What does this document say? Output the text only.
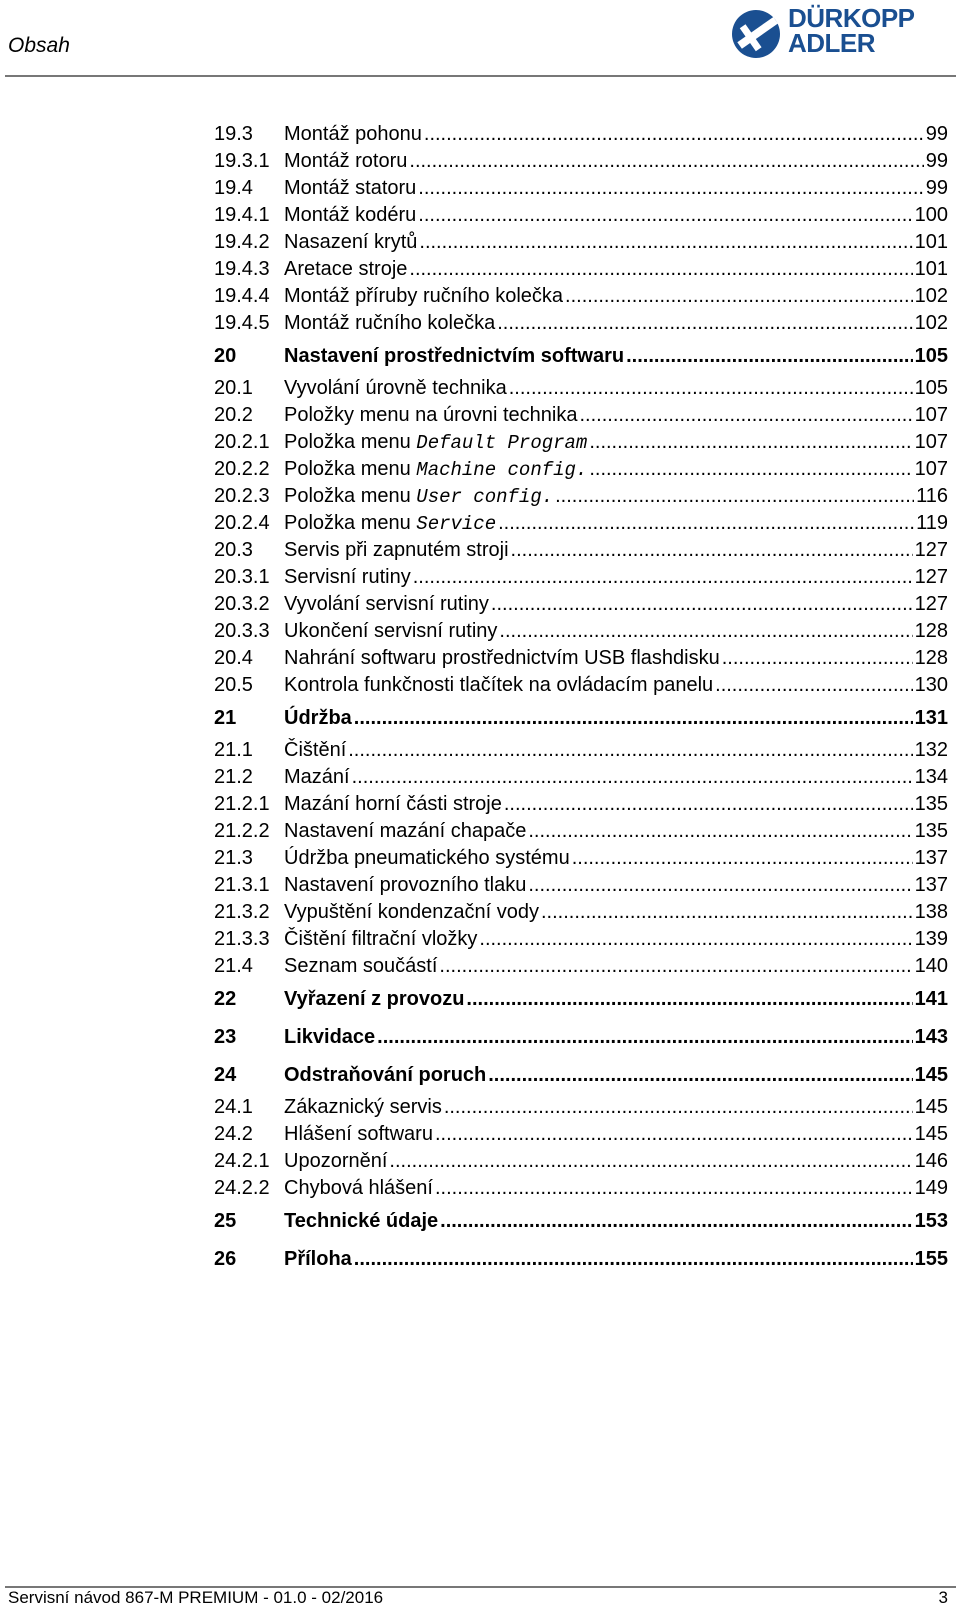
Obsah
DÜRKOPP
ADLER
19.3	Montáž pohonu .....	99
19.3.1 Montáž rotoru .....	99
19.4	Montáž statoru .....	99
19.4.1 Montáž kodéru .....	100
19.4.2 Nasazení krytů .....	101
19.4.3 Aretace stroje .....	101
19.4.4 Montáž příruby ručního kolečka .....	102
19.4.5 Montáž ručního kolečka .....	102
20	Nastavení prostřednictvím softwaru .....	105
20.1	Vyvolání úrovně technika .....	105
20.2	Položky menu na úrovni technika .....	107
20.2.1 Položka menu Default Program .....	107
20.2.2 Položka menu Machine config. .....	107
20.2.3 Položka menu User config. .....	116
20.2.4 Položka menu Service .....	119
20.3	Servis při zapnutém stroji .....	127
20.3.1 Servisní rutiny .....	127
20.3.2 Vyvolání servisní rutiny .....	127
20.3.3 Ukončení servisní rutiny .....	128
20.4	Nahrání softwaru prostřednictvím USB flashdisku .....	128
20.5	Kontrola funkčnosti tlačítek na ovládacím panelu .....	130
21	Údržba .....	131
21.1	Čištění .....	132
21.2	Mazání .....	134
21.2.1 Mazání horní části stroje .....	135
21.2.2 Nastavení mazání chapače .....	135
21.3	Údržba pneumatického systému .....	137
21.3.1 Nastavení provozního tlaku .....	137
21.3.2 Vypuštění kondenzační vody .....	138
21.3.3 Čištění filtrační vložky .....	139
21.4	Seznam součástí .....	140
22	Vyřazení z provozu .....	141
23	Likvidace .....	143
24	Odstraňování poruch .....	145
24.1	Zákaznický servis .....	145
24.2	Hlášení softwaru .....	145
24.2.1 Upozornění .....	146
24.2.2 Chybová hlášení .....	149
25	Technické údaje .....	153
26	Příloha .....	155
Servisní návod 867-M PREMIUM - 01.0 - 02/2016	3
